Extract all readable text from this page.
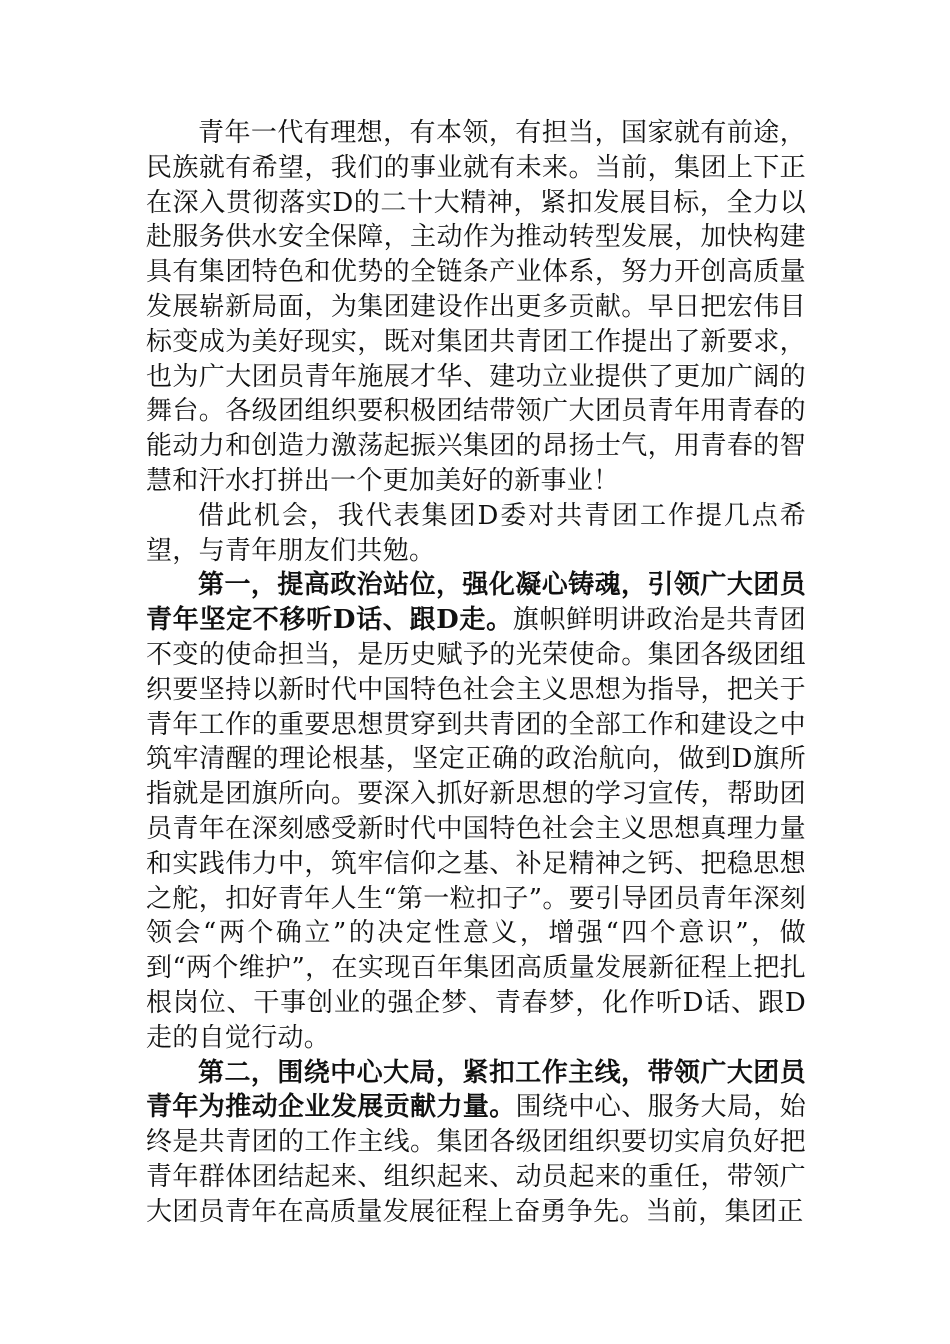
青年一代有理想，有本领，有担当，国家就有前途，民族就有希望，我们的事业就有未来。当前，集团上下正在深入贯彻落实D的二十大精神，紧扣发展目标，全力以赴服务供水安全保障，主动作为推动转型发展，加快构建具有集团特色和优势的全链条产业体系，努力开创高质量发展崭新局面，为集团建设作出更多贡献。早日把宏伟目标变成为美好现实，既对集团共青团工作提出了新要求，也为广大团员青年施展才华、建功立业提供了更加广阔的舞台。各级团组织要积极团结带领广大团员青年用青春的能动力和创造力激荡起振兴集团的昂扬士气，用青春的智慧和汗水打拼出一个更加美好的新事业！

借此机会，我代表集团D委对共青团工作提几点希望，与青年朋友们共勉。

第一，提高政治站位，强化凝心铸魂，引领广大团员青年坚定不移听D话、跟D走。旗帜鲜明讲政治是共青团不变的使命担当，是历史赋予的光荣使命。集团各级团组织要坚持以新时代中国特色社会主义思想为指导，把关于青年工作的重要思想贯穿到共青团的全部工作和建设之中筑牢清醒的理论根基，坚定正确的政治航向，做到D旗所指就是团旗所向。要深入抓好新思想的学习宣传，帮助团员青年在深刻感受新时代中国特色社会主义思想真理力量和实践伟力中，筑牢信仰之基、补足精神之钙、把稳思想之舵，扣好青年人生“第一粒扣子”。要引导团员青年深刻领会“两个确立”的决定性意义，增强“四个意识”，做到“两个维护”，在实现百年集团高质量发展新征程上把扎根岗位、干事创业的强企梦、青春梦，化作听D话、跟D走的自觉行动。

第二，围绕中心大局，紧扣工作主线，带领广大团员青年为推动企业发展贡献力量。围绕中心、服务大局，始终是共青团的工作主线。集团各级团组织要切实肩负好把青年群体团结起来、组织起来、动员起来的重任，带领广大团员青年在高质量发展征程上奋勇争先。当前，集团正
